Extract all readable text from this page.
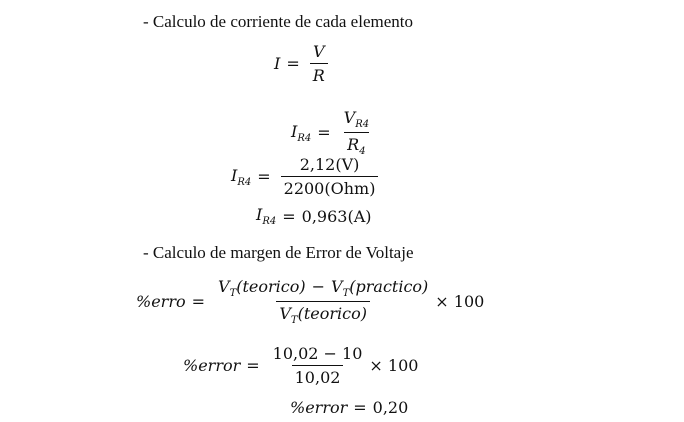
- Calculo de corriente de cada elemento
$I = \frac{V}{R}$
$I_{R4} = \frac{V_{R4}}{R_4}$
$I_{R4} = \frac{2,12(V)}{\text{2200(Ohm)}}$
$I_{R4} = 0,963(A)$
- Calculo de margen de Error de Voltaje
%erro = $\frac{V_T(teorico) - V_T(practico)}{V_T(teorico)} \times 100$
%error = $\frac{10,02 - 10}{10,02} \times 100$
%error = 0,20
